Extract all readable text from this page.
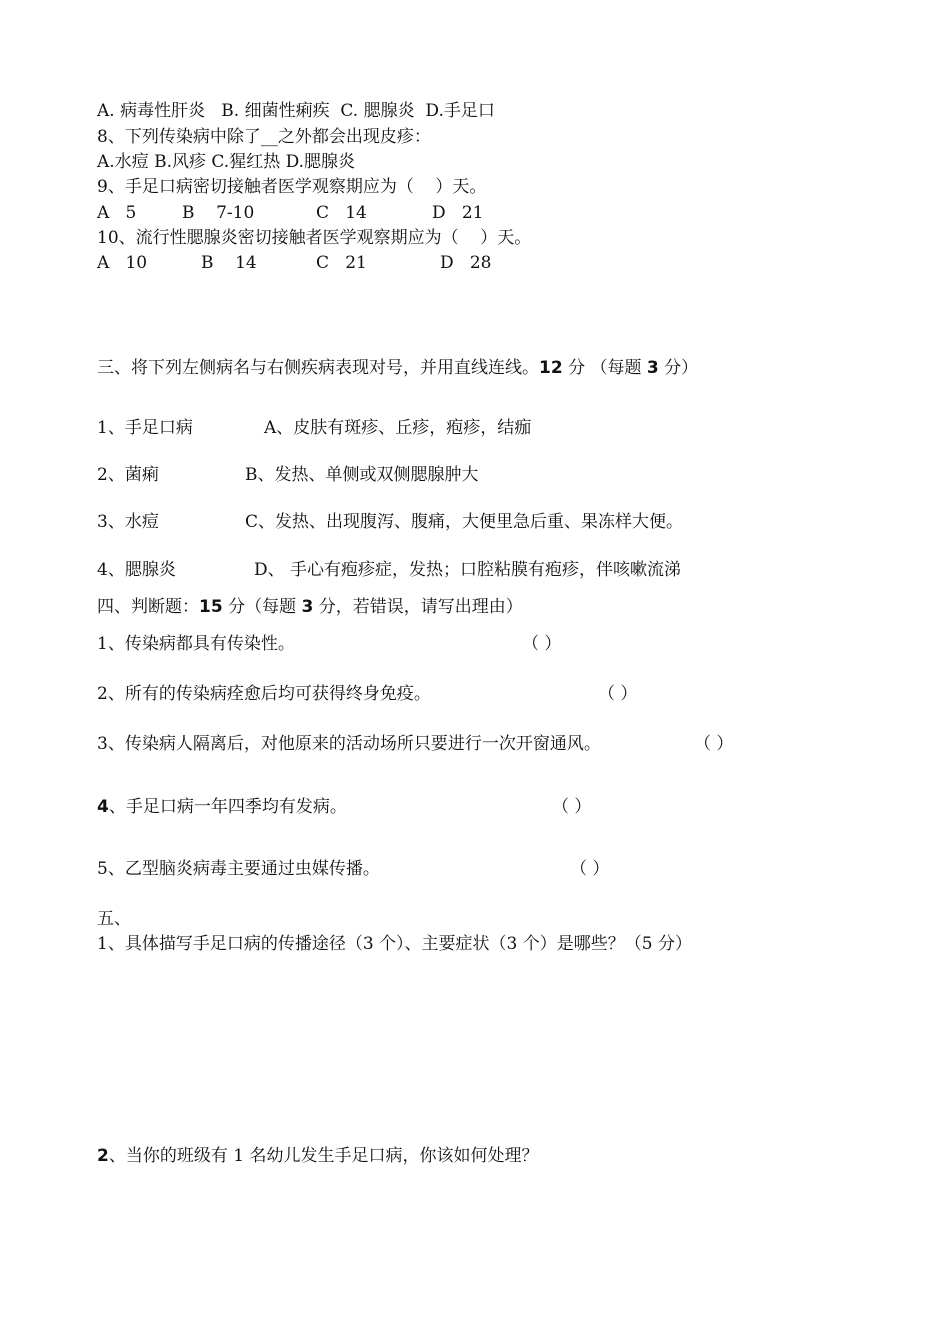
A. 病毒性肝炎   B. 细菌性痢疾  C. 腮腺炎  D.手足口
8、下列传染病中除了__之外都会出现皮疹：
A.水痘 B.风疹 C.猩红热 D.腮腺炎
9、手足口病密切接触者医学观察期应为（    ）天。
A   5	B    7-10	C   14	D   21
10、流行性腮腺炎密切接触者医学观察期应为（    ）天。
A   10	B    14	C   21	D   28
三、将下列左侧病名与右侧疾病表现对号，并用直线连线。12 分 （每题 3 分）
1、手足口病	A、皮肤有斑疹、丘疹，疱疹，结痂
2、菌痢	B、发热、单侧或双侧腮腺肿大
3、水痘	C、发热、出现腹泻、腹痛，大便里急后重、果冻样大便。
4、腮腺炎	D、 手心有疱疹症，发热；口腔粘膜有疱疹，伴咳嗽流涕
四、判断题：15 分（每题 3 分，若错误，请写出理由）
1、传染病都具有传染性。	（ ）
2、所有的传染病痊愈后均可获得终身免疫。	（ ）
3、传染病人隔离后，对他原来的活动场所只要进行一次开窗通风。	（ ）
4、手足口病一年四季均有发病。	（ ）
5、乙型脑炎病毒主要通过虫媒传播。	（ ）
五、
1、具体描写手足口病的传播途径（3 个）、主要症状（3 个）是哪些？（5 分）
2、当你的班级有 1 名幼儿发生手足口病，你该如何处理？
